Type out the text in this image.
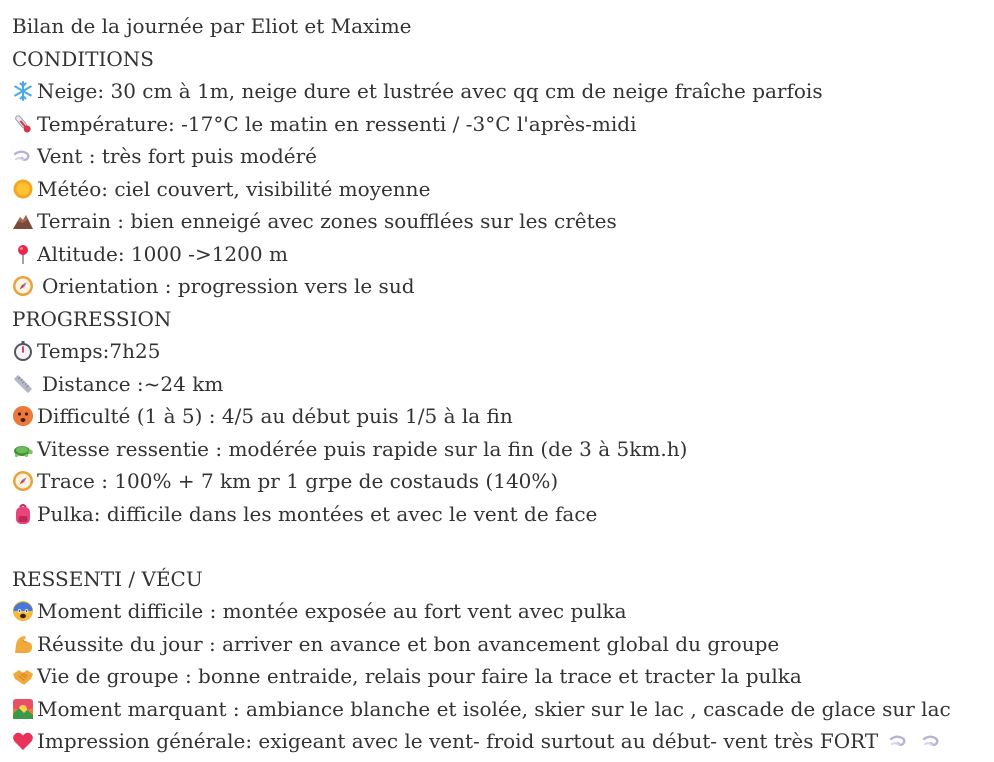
Bilan de la journée par Eliot et Maxime
CONDITIONS
Neige: 30 cm à 1m, neige dure et lustrée avec qq cm de neige fraîche parfois
Température: -17°C le matin en ressenti / -3°C l'après-midi
Vent : très fort puis modéré
Météo: ciel couvert, visibilité moyenne
Terrain : bien enneigé avec zones soufflées sur les crêtes
Altitude: 1000 ->1200 m
Orientation : progression vers le sud
PROGRESSION
Temps:7h25
Distance :~24 km
Difficulté (1 à 5) : 4/5 au début puis 1/5 à la fin
Vitesse ressentie : modérée puis rapide sur la fin (de 3 à 5km.h)
Trace : 100% + 7 km pr 1 grpe de costauds (140%)
Pulka: difficile dans les montées et avec le vent de face
RESSENTI / VÉCU
Moment difficile : montée exposée au fort vent avec pulka
Réussite du jour : arriver en avance et bon avancement global du groupe
Vie de groupe : bonne entraide, relais pour faire la trace et tracter la pulka
Moment marquant : ambiance blanche et isolée, skier sur le lac , cascade de glace sur lac
Impression générale: exigeant avec le vent- froid surtout au début- vent très FORT
